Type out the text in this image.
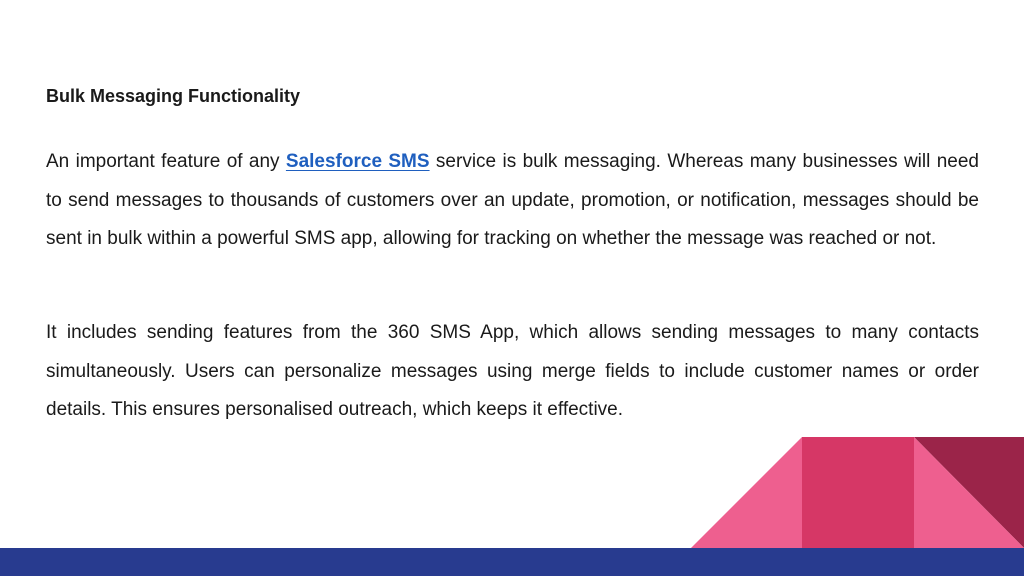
Bulk Messaging Functionality

An important feature of any Salesforce SMS service is bulk messaging. Whereas many businesses will need to send messages to thousands of customers over an update, promotion, or notification, messages should be sent in bulk within a powerful SMS app, allowing for tracking on whether the message was reached or not.

It includes sending features from the 360 SMS App, which allows sending messages to many contacts simultaneously. Users can personalize messages using merge fields to include customer names or order details. This ensures personalised outreach, which keeps it effective.
